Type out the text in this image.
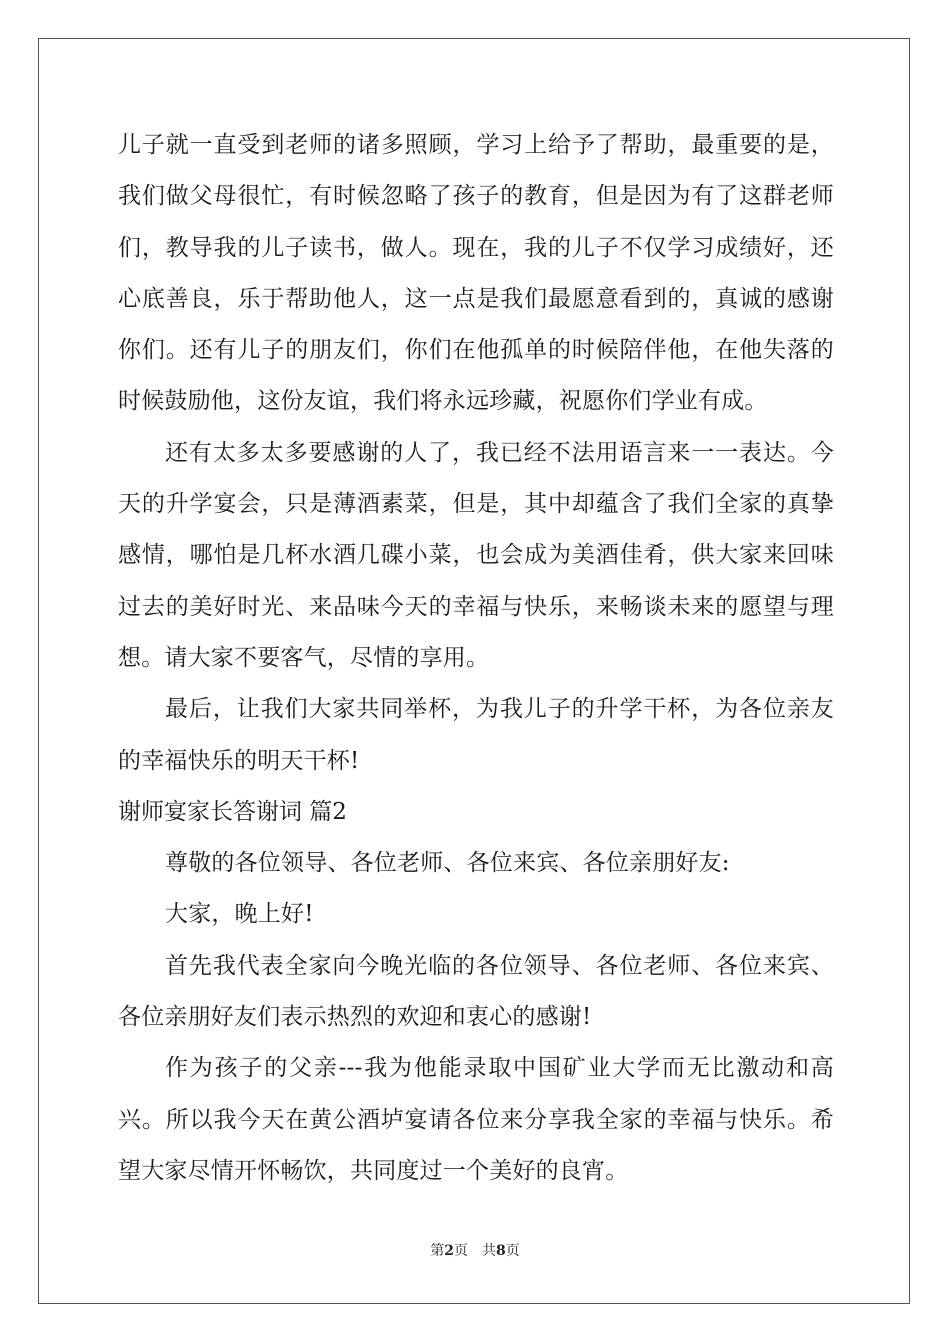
儿子就一直受到老师的诸多照顾，学习上给予了帮助，最重要的是，
我们做父母很忙，有时候忽略了孩子的教育，但是因为有了这群老师
们，教导我的儿子读书，做人。现在，我的儿子不仅学习成绩好，还
心底善良，乐于帮助他人，这一点是我们最愿意看到的，真诚的感谢
你们。还有儿子的朋友们，你们在他孤单的时候陪伴他，在他失落的
时候鼓励他，这份友谊，我们将永远珍藏，祝愿你们学业有成。
还有太多太多要感谢的人了，我已经不法用语言来一一表达。今
天的升学宴会，只是薄酒素菜，但是，其中却蕴含了我们全家的真挚
感情，哪怕是几杯水酒几碟小菜，也会成为美酒佳肴，供大家来回味
过去的美好时光、来品味今天的幸福与快乐，来畅谈未来的愿望与理
想。请大家不要客气，尽情的享用。
最后，让我们大家共同举杯，为我儿子的升学干杯，为各位亲友
的幸福快乐的明天干杯!
谢师宴家长答谢词 篇2
尊敬的各位领导、各位老师、各位来宾、各位亲朋好友:
大家，晚上好!
首先我代表全家向今晚光临的各位领导、各位老师、各位来宾、
各位亲朋好友们表示热烈的欢迎和衷心的感谢!
作为孩子的父亲---我为他能录取中国矿业大学而无比激动和高
兴。所以我今天在黄公酒垆宴请各位来分享我全家的幸福与快乐。希
望大家尽情开怀畅饮，共同度过一个美好的良宵。
第2页 共8页
